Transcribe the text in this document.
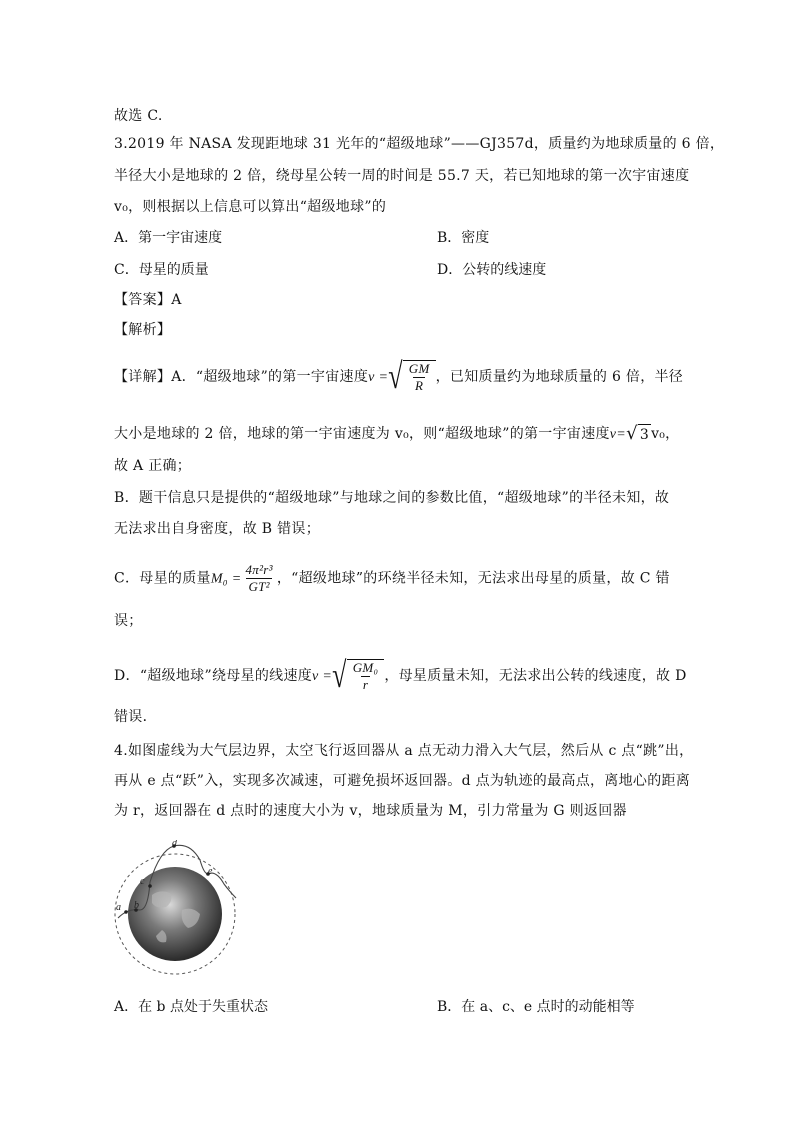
故选 C.
3.2019 年 NASA 发现距地球 31 光年的“超级地球”——GJ357d，质量约为地球质量的 6 倍，
半径大小是地球的 2 倍，绕母星公转一周的时间是 55.7 天，若已知地球的第一次宇宙速度
v₀，则根据以上信息可以算出“超级地球”的
A．第一宇宙速度	B．密度
C．母星的质量	D．公转的线速度
【答案】A
【解析】
【详解】A．“超级地球”的第一宇宙速度v = √ $\frac{GM}{R}$ ，已知质量约为地球质量的 6 倍，半径
大小是地球的 2 倍，地球的第一宇宙速度为 v₀，则“超级地球”的第一宇宙速度v= √ 3 v₀，
故 A 正确；
B．题干信息只是提供的“超级地球”与地球之间的参数比值，“超级地球”的半径未知，故
无法求出自身密度，故 B 错误；
C．母星的质量$M_0 = \frac{\text{4π²r³}}{\text{GT²}}$ ，“超级地球”的环绕半径未知，无法求出母星的质量，故 C 错
误；
D．“超级地球”绕母星的线速度v = √ $\frac{\text{GM₀}}{r}$ ，母星质量未知，无法求出公转的线速度，故 D
错误．
4.如图虚线为大气层边界，太空飞行返回器从 a 点无动力滑入大气层，然后从 c 点“跳”出，
再从 e 点“跃”入，实现多次减速，可避免损坏返回器。d 点为轨迹的最高点，离地心的距离
为 r，返回器在 d 点时的速度大小为 v，地球质量为 M，引力常量为 G 则返回器
a b
c
d
e
A．在 b 点处于失重状态	B．在 a、c、e 点时的动能相等
